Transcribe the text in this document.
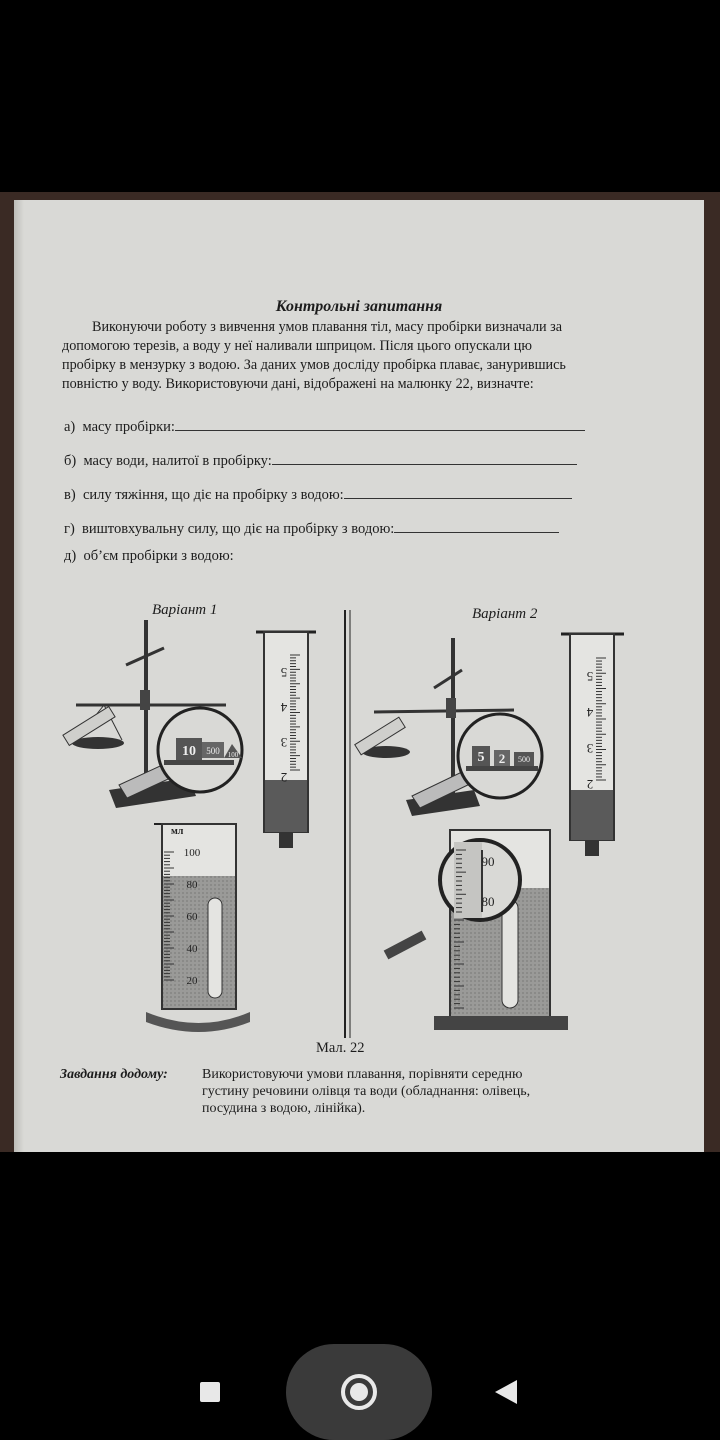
Контрольні запитання

Виконуючи роботу з вивчення умов плавання тіл, масу пробірки визначали за

допомогою терезів, а воду у неї наливали шприцом. Після цього опускали цю
пробірку в мензурку з водою. За даних умов досліду пробірка плаває, занурившись
повністю у воду. Використовуючи дані, відображені на малюнку 22, визначте:
а) масу пробірки:
б) масу води, налитої в пробірку:
в) силу тяжіння, що діє на пробірку з водою:
г) виштовхувальну силу, що діє на пробірку з водою:
д) об’єм пробірки з водою:
Варіант 1	Варіант 2
10 500 100
мл
5 2 500
5
4
3
2
5
4
3
2
100
80
60
40
20
90
80
Мал. 22
Завдання додому:	Використовуючи умови плавання, порівняти середню
густину речовини олівця та води (обладнання: олівець,
посудина з водою, лінійка).
